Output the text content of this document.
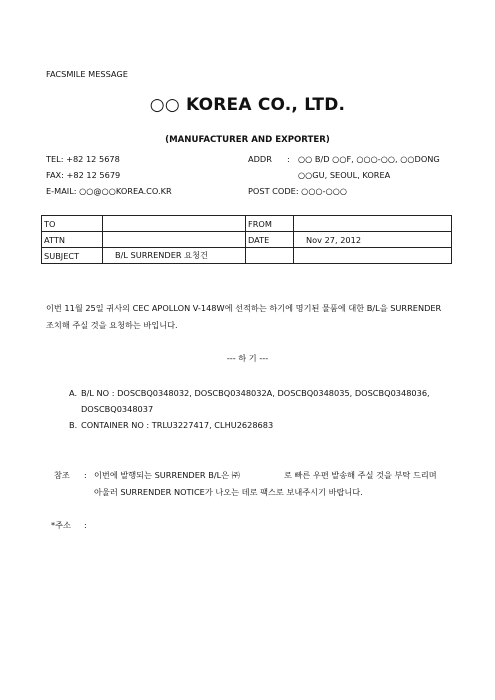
FACSMILE MESSAGE
○○ KOREA CO., LTD.
(MANUFACTURER AND EXPORTER)
TEL: +82 12 5678
FAX: +82 12 5679
E-MAIL: ○○@○○KOREA.CO.KR
ADDR : ○○ B/D ○○F, ○○○-○○, ○○DONG
○○GU, SEOUL, KOREA
POST CODE: ○○○-○○○
TO		FROM	
ATTN		DATE	Nov 27, 2012
SUBJECT	B/L SURRENDER 요청건		
이번 11월 25일 귀사의 CEC APOLLON V-148W에 선적하는 하기에 명기된 물품에 대한 B/L을 SURRENDER
조치해 주실 것을 요청하는 바입니다.
--- 하 기 ---
A. B/L NO : DOSCBQ0348032, DOSCBQ0348032A, DOSCBQ0348035, DOSCBQ0348036,
DOSCBQ0348037
B. CONTAINER NO : TRLU3227417, CLHU2628683
참조 : 이번에 발행되는 SURRENDER B/L은 ㈜	로 빠른 우편 발송해 주실 것을 부탁 드리며
아울러 SURRENDER NOTICE가 나오는 데로 팩스로 보내주시기 바랍니다.
*주소 :
